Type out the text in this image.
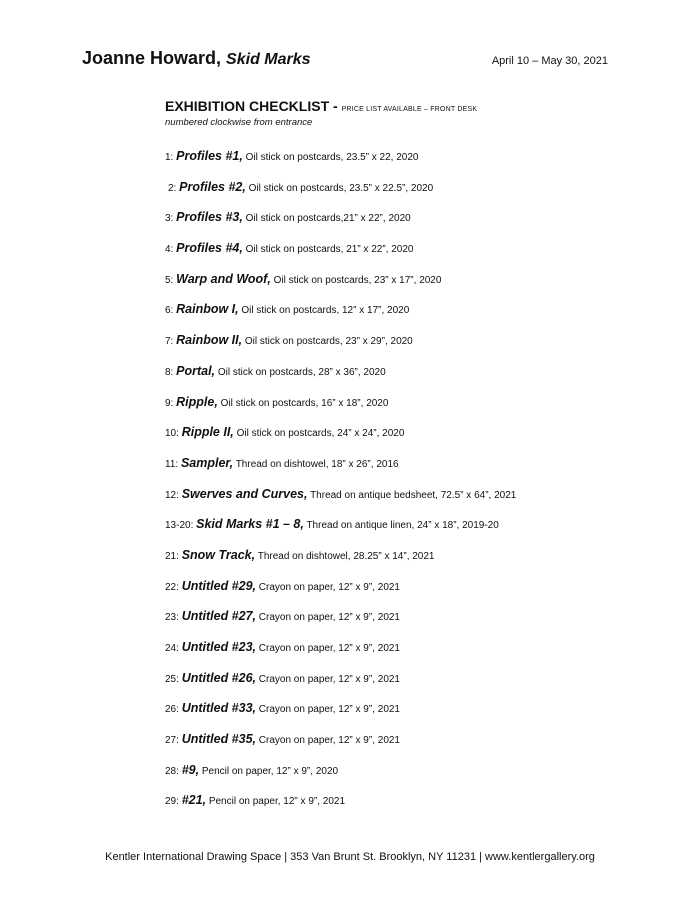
Joanne Howard, Skid Marks	April 10 – May 30, 2021
EXHIBITION CHECKLIST - PRICE LIST AVAILABLE – FRONT DESK
numbered clockwise from entrance
1: Profiles #1, Oil stick on postcards, 23.5” x 22, 2020
2: Profiles #2, Oil stick on postcards, 23.5” x 22.5”, 2020
3: Profiles #3, Oil stick on postcards,21” x 22”, 2020
4: Profiles #4, Oil stick on postcards, 21” x 22”, 2020
5: Warp and Woof, Oil stick on postcards, 23” x 17”, 2020
6: Rainbow I, Oil stick on postcards, 12” x 17”, 2020
7: Rainbow II, Oil stick on postcards, 23” x 29”, 2020
8: Portal, Oil stick on postcards, 28” x 36”, 2020
9: Ripple, Oil stick on postcards, 16” x 18”, 2020
10: Ripple II, Oil stick on postcards, 24” x 24”, 2020
11: Sampler, Thread on dishtowel, 18” x 26”, 2016
12: Swerves and Curves, Thread on antique bedsheet, 72.5” x 64”, 2021
13-20: Skid Marks #1 – 8, Thread on antique linen, 24” x 18”, 2019-20
21: Snow Track, Thread on dishtowel, 28.25” x 14”, 2021
22: Untitled #29, Crayon on paper, 12” x 9”, 2021
23: Untitled #27, Crayon on paper, 12” x 9”, 2021
24: Untitled #23, Crayon on paper, 12” x 9”, 2021
25: Untitled #26, Crayon on paper, 12” x 9”, 2021
26: Untitled #33, Crayon on paper, 12” x 9”, 2021
27: Untitled #35, Crayon on paper, 12” x 9”, 2021
28: #9, Pencil on paper, 12” x 9”, 2020
29: #21, Pencil on paper, 12” x 9”, 2021
Kentler International Drawing Space | 353 Van Brunt St. Brooklyn, NY 11231 | www.kentlergallery.org
